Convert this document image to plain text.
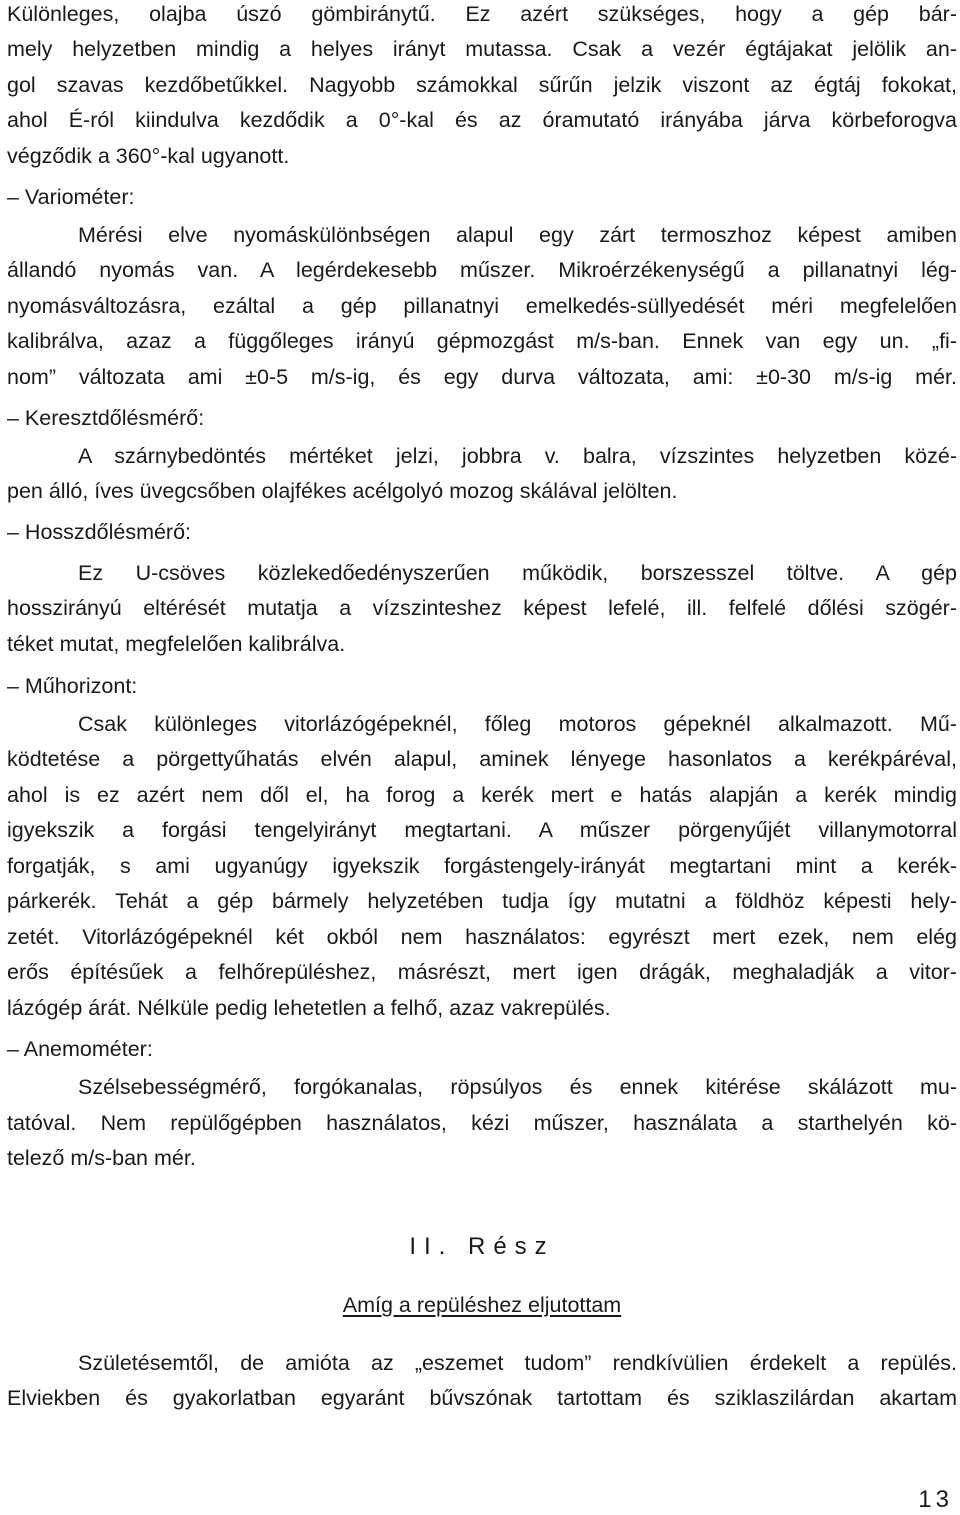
Különleges, olajba úszó gömbiránytű. Ez azért szükséges, hogy a gép bár-
mely helyzetben mindig a helyes irányt mutassa. Csak a vezér égtájakat jelölik an-
gol szavas kezdőbetűkkel. Nagyobb számokkal sűrűn jelzik viszont az égtáj fokokat,
ahol É-ról kiindulva kezdődik a 0°-kal és az óramutató irányába járva körbeforogva
végződik a 360°-kal ugyanott.
– Variométer:
Mérési elve nyomáskülönbségen alapul egy zárt termoszhoz képest amiben
állandó nyomás van. A legérdekesebb műszer. Mikroérzékenységű a pillanatnyi lég-
nyomásváltozásra, ezáltal a gép pillanatnyi emelkedés-süllyedését méri megfelelően
kalibrálva, azaz a függőleges irányú gépmozgást m/s-ban. Ennek van egy un. „fi-
nom” változata ami ±0-5 m/s-ig, és egy durva változata, ami: ±0-30 m/s-ig mér.
– Keresztdőlésmérő:
A szárnybedöntés mértéket jelzi, jobbra v. balra, vízszintes helyzetben közé-
pen álló, íves üvegcsőben olajfékes acélgolyó mozog skálával jelölten.
– Hosszdőlésmérő:
Ez U-csöves közlekedőedényszerűen működik, borszesszel töltve. A gép
hosszirányú eltérését mutatja a vízszinteshez képest lefelé, ill. felfelé dőlési szögér-
téket mutat, megfelelően kalibrálva.
– Műhorizont:
Csak különleges vitorlázógépeknél, főleg motoros gépeknél alkalmazott. Mű-
ködtetése a pörgettyűhatás elvén alapul, aminek lényege hasonlatos a kerékpáréval,
ahol is ez azért nem dől el, ha forog a kerék mert e hatás alapján a kerék mindig
igyekszik a forgási tengelyirányt megtartani. A műszer pörgenyűjét villanymotorral
forgatják, s ami ugyanúgy igyekszik forgástengely-irányát megtartani mint a kerék-
párkerék. Tehát a gép bármely helyzetében tudja így mutatni a földhöz képesti hely-
zetét. Vitorlázógépeknél két okból nem használatos: egyrészt mert ezek, nem elég
erős építésűek a felhőrepüléshez, másrészt, mert igen drágák, meghaladják a vitor-
lázógép árát. Nélküle pedig lehetetlen a felhő, azaz vakrepülés.
– Anemométer:
Szélsebességmérő, forgókanalas, röpsúlyos és ennek kitérése skálázott mu-
tatóval. Nem repülőgépben használatos, kézi műszer, használata a starthelyén kö-
telező m/s-ban mér.
II. Rész
Amíg a repüléshez eljutottam
Születésemtől, de amióta az „eszemet tudom” rendkívülien érdekelt a repülés.
Elviekben és gyakorlatban egyaránt bűvszónak tartottam és sziklaszilárdan akartam
13
